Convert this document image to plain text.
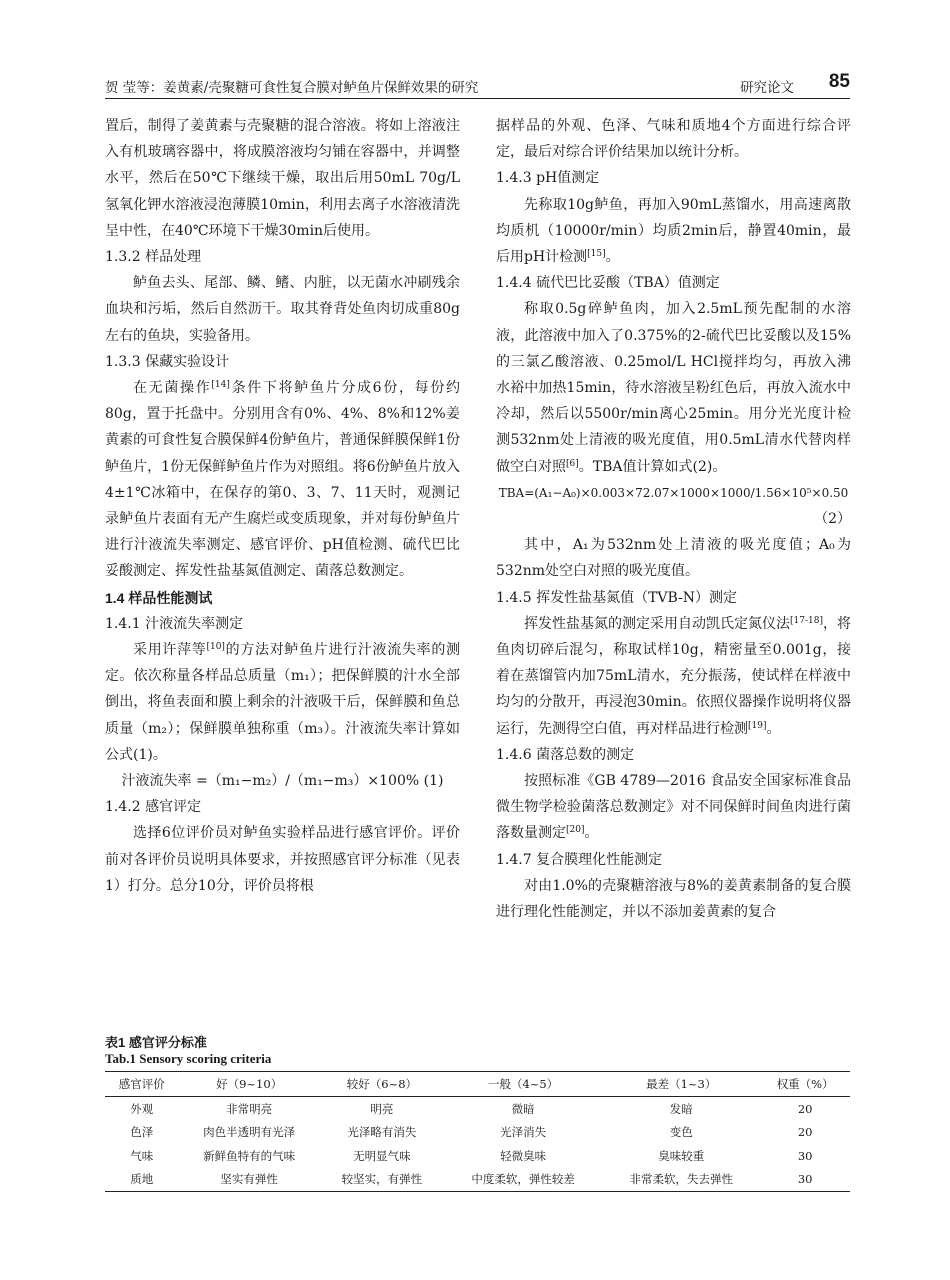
贺 莹等：姜黄素/壳聚糖可食性复合膜对鲈鱼片保鲜效果的研究	研究论文 85

置后，制得了姜黄素与壳聚糖的混合溶液。将如上溶液注入有机玻璃容器中，将成膜溶液均匀铺在容器中，并调整水平，然后在50℃下继续干燥，取出后用50mL 70g/L氢氧化钾水溶液浸泡薄膜10min，利用去离子水溶液清洗呈中性，在40℃环境下干燥30min后使用。

1.3.2 样品处理

鲈鱼去头、尾部、鳞、鳍、内脏，以无菌水冲刷残余血块和污垢，然后自然沥干。取其脊背处鱼肉切成重80g左右的鱼块，实验备用。

1.3.3 保藏实验设计

在无菌操作[14]条件下将鲈鱼片分成6份，每份约80g，置于托盘中。分别用含有0%、4%、8%和12%姜黄素的可食性复合膜保鲜4份鲈鱼片，普通保鲜膜保鲜1份鲈鱼片，1份无保鲜鲈鱼片作为对照组。将6份鲈鱼片放入4±1℃冰箱中，在保存的第0、3、7、11天时，观测记录鲈鱼片表面有无产生腐烂或变质现象，并对每份鲈鱼片进行汁液流失率测定、感官评价、pH值检测、硫代巴比妥酸测定、挥发性盐基氮值测定、菌落总数测定。

1.4 样品性能测试

1.4.1 汁液流失率测定

采用许萍等[10]的方法对鲈鱼片进行汁液流失率的测定。依次称量各样品总质量（m₁）；把保鲜膜的汁水全部倒出，将鱼表面和膜上剩余的汁液吸干后，保鲜膜和鱼总质量（m₂）；保鲜膜单独称重（m₃）。汁液流失率计算如公式(1)。

汁液流失率 =（m₁−m₂）/（m₁−m₃）×100% (1)

1.4.2 感官评定

选择6位评价员对鲈鱼实验样品进行感官评价。评价前对各评价员说明具体要求，并按照感官评分标准（见表1）打分。总分10分，评价员将根

据样品的外观、色泽、气味和质地4个方面进行综合评定，最后对综合评价结果加以统计分析。

1.4.3 pH值测定

先称取10g鲈鱼，再加入90mL蒸馏水，用高速离散均质机（10000r/min）均质2min后，静置40min，最后用pH计检测[15]。

1.4.4 硫代巴比妥酸（TBA）值测定

称取0.5g碎鲈鱼肉，加入2.5mL预先配制的水溶液，此溶液中加入了0.375%的2-硫代巴比妥酸以及15%的三氯乙酸溶液、0.25mol/L HCl搅拌均匀，再放入沸水裕中加热15min，待水溶液呈粉红色后，再放入流水中冷却，然后以5500r/min离心25min。用分光光度计检测532nm处上清液的吸光度值，用0.5mL清水代替肉样做空白对照[6]。TBA值计算如式(2)。

TBA=(A₁−A₀)×0.003×72.07×1000×1000/1.56×10⁵×0.50

（2）

其中，A₁为532nm处上清液的吸光度值；A₀为532nm处空白对照的吸光度值。

1.4.5 挥发性盐基氮值（TVB-N）测定

挥发性盐基氮的测定采用自动凯氏定氮仪法[17-18]，将鱼肉切碎后混匀，称取试样10g，精密量至0.001g，接着在蒸馏管内加75mL清水，充分振荡，使试样在样液中均匀的分散开，再浸泡30min。依照仪器操作说明将仪器运行，先测得空白值，再对样品进行检测[19]。

1.4.6 菌落总数的测定

按照标准《GB 4789—2016 食品安全国家标准食品微生物学检验菌落总数测定》对不同保鲜时间鱼肉进行菌落数量测定[20]。

1.4.7 复合膜理化性能测定

对由1.0%的壳聚糖溶液与8%的姜黄素制备的复合膜进行理化性能测定，并以不添加姜黄素的复合

表1 感官评分标准
Tab.1 Sensory scoring criteria
感官评价	好（9~10）	较好（6~8）	一般（4~5）	最差（1~3）	权重（%）
外观	非常明亮	明亮	微暗	发暗	20
色泽	肉色半透明有光泽	光泽略有消失	光泽消失	变色	20
气味	新鲜鱼特有的气味	无明显气味	轻微臭味	臭味较重	30
质地	坚实有弹性	较坚实，有弹性	中度柔软，弹性较差	非常柔软，失去弹性	30
